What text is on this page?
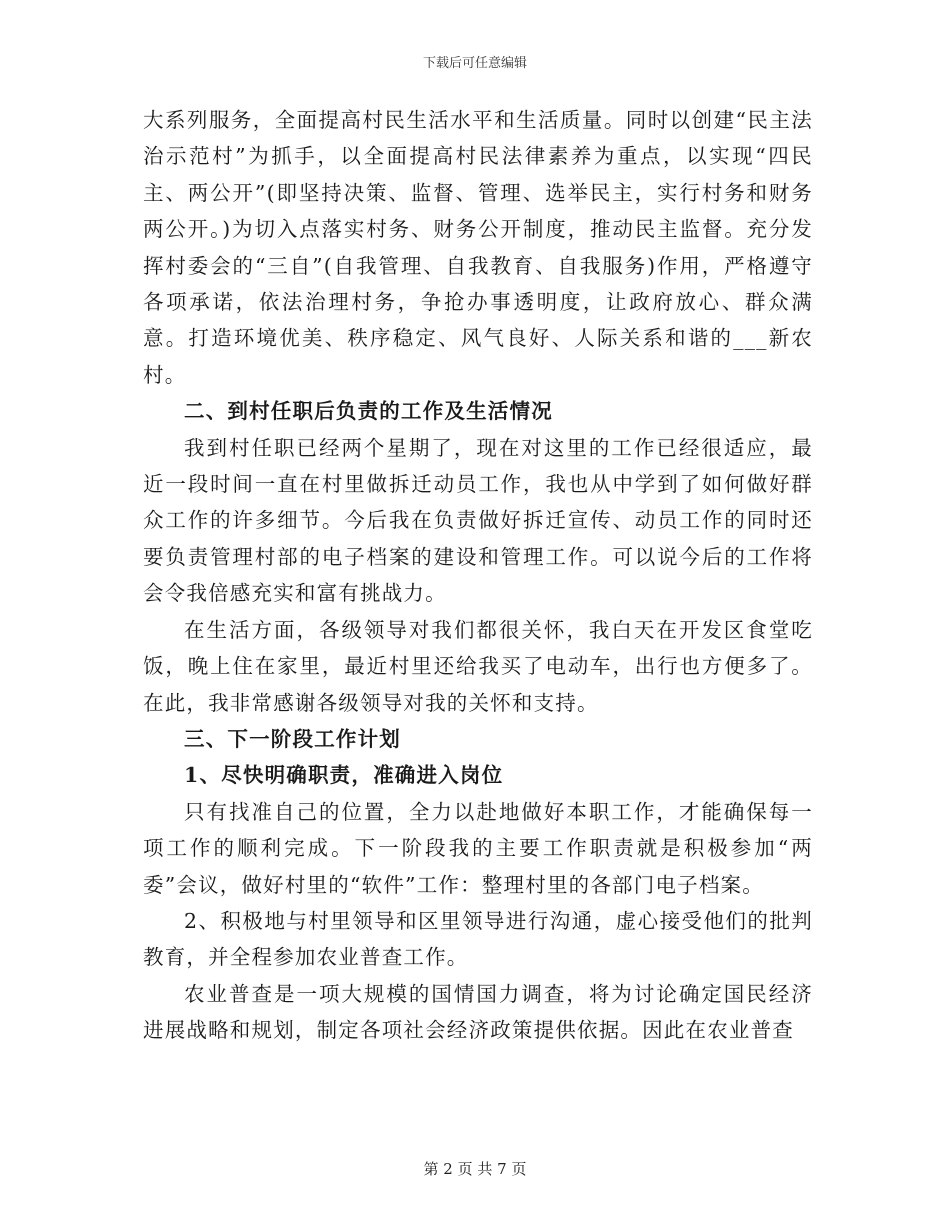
下载后可任意编辑

大系列服务，全面提高村民生活水平和生活质量。同时以创建“民主法治示范村”为抓手，以全面提高村民法律素养为重点，以实现“四民主、两公开”(即坚持决策、监督、管理、选举民主，实行村务和财务两公开。)为切入点落实村务、财务公开制度，推动民主监督。充分发挥村委会的“三自”(自我管理、自我教育、自我服务)作用，严格遵守各项承诺，依法治理村务，争抢办事透明度，让政府放心、群众满意。打造环境优美、秩序稳定、风气良好、人际关系和谐的___新农村。

二、到村任职后负责的工作及生活情况

我到村任职已经两个星期了，现在对这里的工作已经很适应，最近一段时间一直在村里做拆迁动员工作，我也从中学到了如何做好群众工作的许多细节。今后我在负责做好拆迁宣传、动员工作的同时还要负责管理村部的电子档案的建设和管理工作。可以说今后的工作将会令我倍感充实和富有挑战力。

在生活方面，各级领导对我们都很关怀，我白天在开发区食堂吃饭，晚上住在家里，最近村里还给我买了电动车，出行也方便多了。在此，我非常感谢各级领导对我的关怀和支持。

三、下一阶段工作计划

1、尽快明确职责，准确进入岗位

只有找准自己的位置，全力以赴地做好本职工作，才能确保每一项工作的顺利完成。下一阶段我的主要工作职责就是积极参加“两委”会议，做好村里的“软件”工作：整理村里的各部门电子档案。

2、积极地与村里领导和区里领导进行沟通，虚心接受他们的批判教育，并全程参加农业普查工作。

农业普查是一项大规模的国情国力调查，将为讨论确定国民经济进展战略和规划，制定各项社会经济政策提供依据。因此在农业普查

第 2 页 共 7 页
